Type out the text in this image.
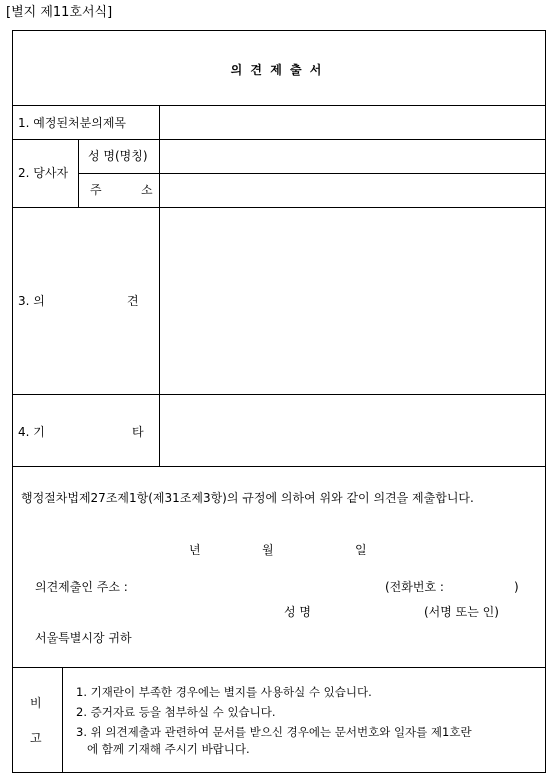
[별지 제11호서식]
의 견 제 출 서
1. 예정된처분의제목
2. 당사자
성 명(명칭)
주	소
3. 의	견
4. 기	타
행정절차법제27조제1항(제31조제3항)의 규정에 의하여 위와 같이 의견을 제출합니다.
년	월	일
의견제출인 주소 :	(전화번호 :	)
성 명	(서명 또는 인)
서울특별시장 귀하
비
고
1. 기재란이 부족한 경우에는 별지를 사용하실 수 있습니다.
2. 증거자료 등을 첨부하실 수 있습니다.
3. 위 의견제출과 관련하여 문서를 받으신 경우에는 문서번호와 일자를 제1호란
에 함께 기재해 주시기 바랍니다.
